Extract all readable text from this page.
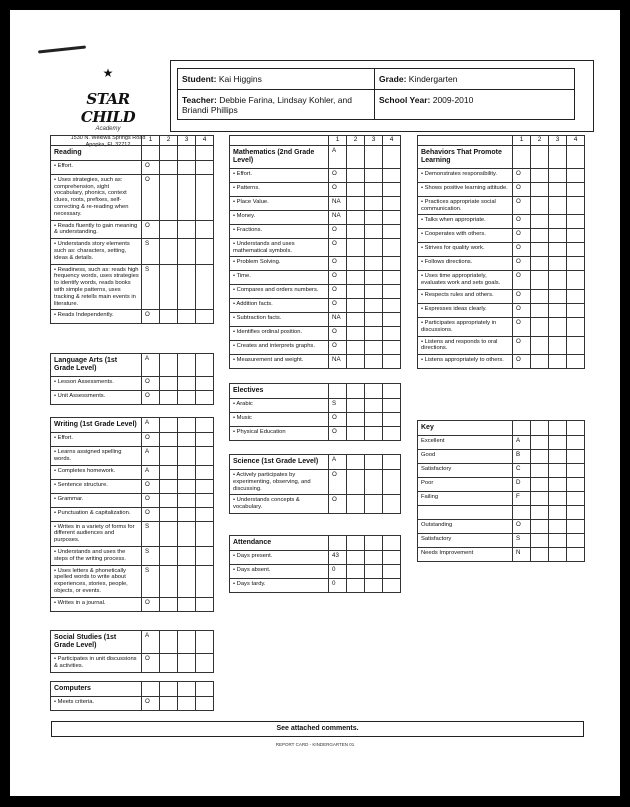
★
STAR CHILD
Academy
1530 N. Wekiwa Springs Road
Apopka, FL 32712
Student: Kai Higgins	Grade: Kindergarten
Teacher: Debbie Farina, Lindsay Kohler, and Briandi Phillips
School Year: 2009-2010
	1	2	3	4
Reading				
• Effort.	O			
• Uses strategies, such as: comprehension, sight vocabulary, phonics, context clues, roots, prefixes, self-correcting & re-reading when necessary.	O			
• Reads fluently to gain meaning & understanding.	O			
• Understands story elements such as: characters, setting, ideas & details.	S			
• Readiness, such as: reads high frequency words, uses strategies to identify words, reads books with simple patterns, uses tracking & retells main events in literature.	S			
• Reads Independently.	O			
Language Arts (1st Grade Level)	A			
• Lesson Assessments.	O			
• Unit Assessments.	O			
Writing (1st Grade Level)	A			
• Effort.	O			
• Learns assigned spelling words.	A			
• Completes homework.	A			
• Sentence structure.	O			
• Grammar.	O			
• Punctuation & capitalization.	O			
• Writes in a variety of forms for different audiences and purposes.	S			
• Understands and uses the steps of the writing process.	S			
• Uses letters & phonetically spelled words to write about experiences, stories, people, objects, or events.	S			
• Writes in a journal.	O			
Social Studies (1st Grade Level)	A			
• Participates in unit discussions & activities.	O			
Computers				
• Meets criteria.	O			
	1	2	3	4
Mathematics (2nd Grade Level)	A			
• Effort.	O			
• Patterns.	O			
• Place Value.	NA			
• Money.	NA			
• Fractions.	O			
• Understands and uses mathematical symbols.	O			
• Problem Solving.	O			
• Time.	O			
• Compares and orders numbers.	O			
• Addition facts.	O			
• Subtraction facts.	NA			
• Identifies ordinal position.	O			
• Creates and interprets graphs.	O			
• Measurement and weight.	NA			
Electives				
• Arabic	S			
• Music	O			
• Physical Education	O			
Science (1st Grade Level)	A			
• Actively participates by experimenting, observing, and discussing.	O			
• Understands concepts & vocabulary.	O			
Attendance				
• Days present.	43			
• Days absent.	0			
• Days tardy.	0			
	1	2	3	4
Behaviors That Promote Learning				
• Demonstrates responsibility.	O			
• Shows positive learning attitude.	O			
• Practices appropriate social communication.	O			
• Talks when appropriate.	O			
• Cooperates with others.	O			
• Strives for quality work.	O			
• Follows directions.	O			
• Uses time appropriately, evaluates work and sets goals.	O			
• Respects rules and others.	O			
• Expresses ideas clearly.	O			
• Participates appropriately in discussions.	O			
• Listens and responds to oral directions.	O			
• Listens appropriately to others.	O			
Key				
Excellent	A			
Good	B			
Satisfactory	C			
Poor	D			
Failing	F			

Outstanding	O			
Satisfactory	S			
Needs Improvement	N			
See attached comments.
REPORT CARD - KINDERGARTEN 01
